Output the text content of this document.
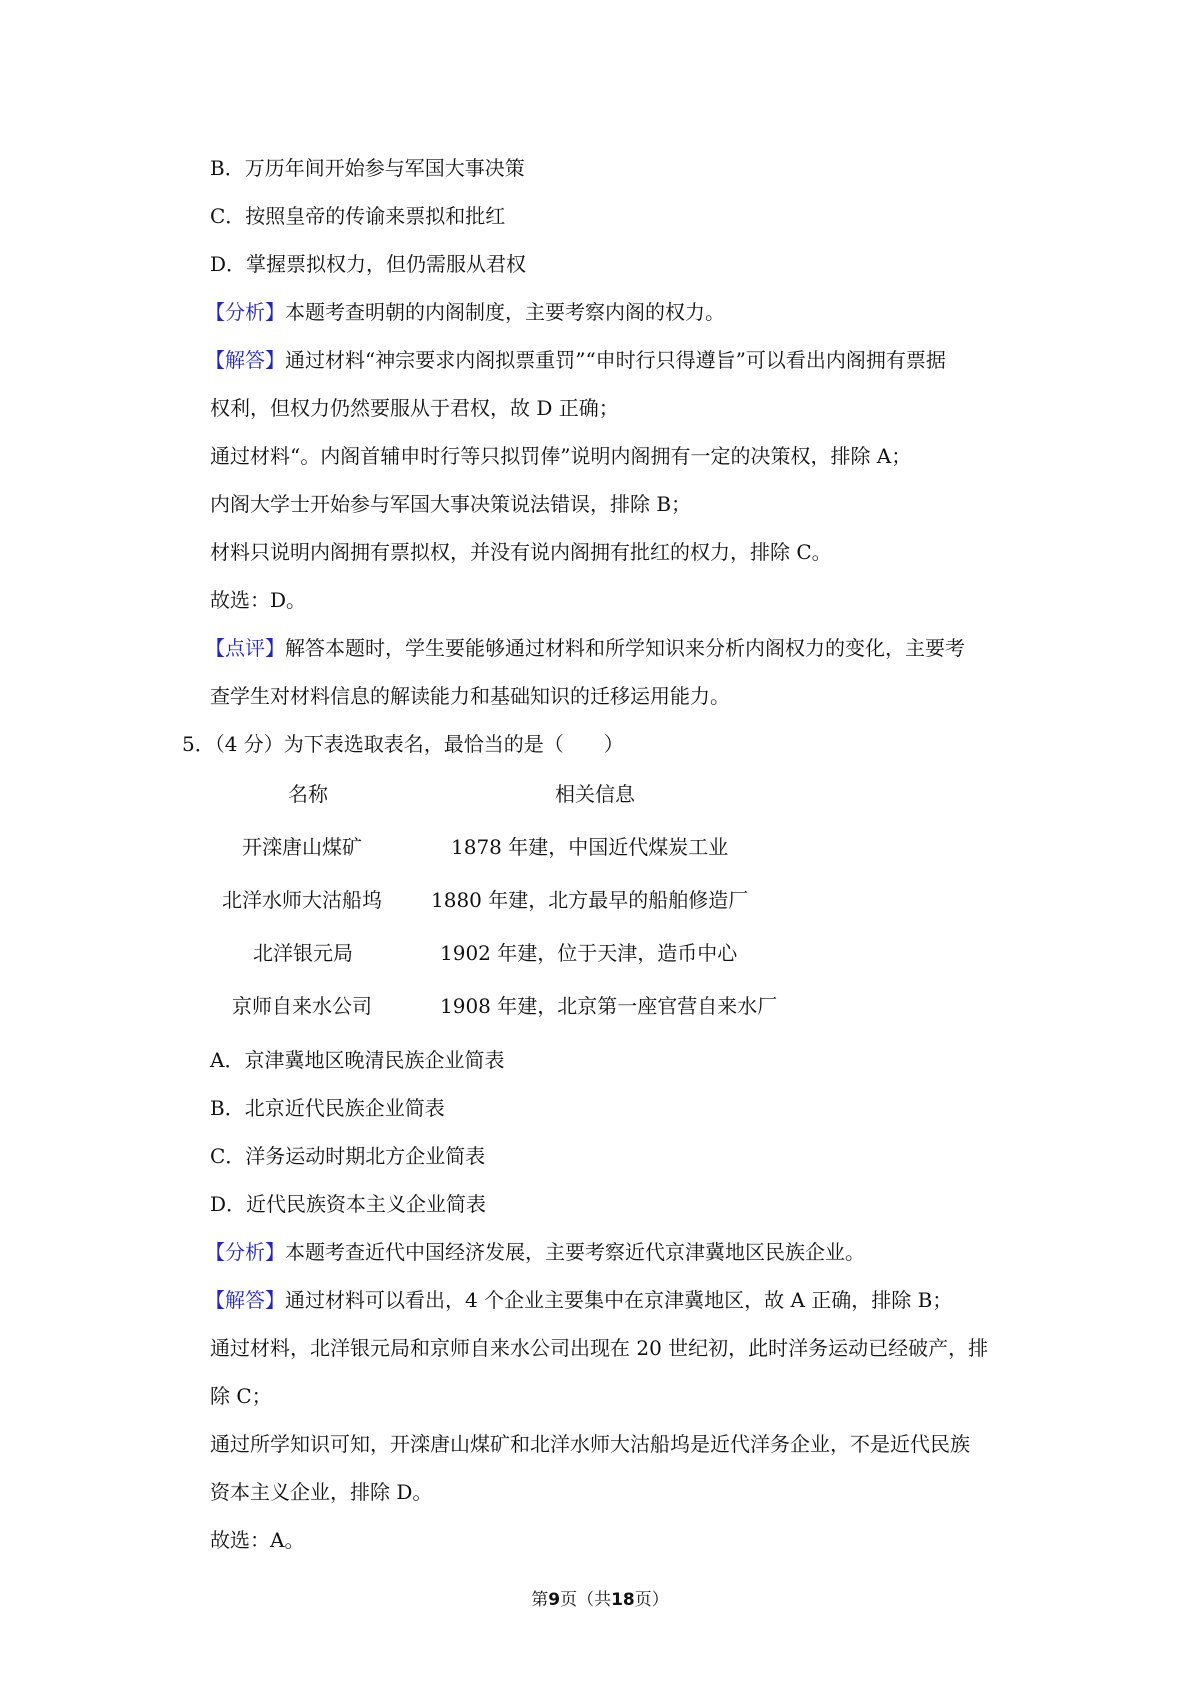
B．万历年间开始参与军国大事决策
C．按照皇帝的传谕来票拟和批红
D．掌握票拟权力，但仍需服从君权
【分析】本题考查明朝的内阁制度，主要考察内阁的权力。
【解答】通过材料“神宗要求内阁拟票重罚”“申时行只得遵旨”可以看出内阁拥有票据
权利，但权力仍然要服从于君权，故 D 正确；
通过材料“。内阁首辅申时行等只拟罚俸”说明内阁拥有一定的决策权，排除 A；
内阁大学士开始参与军国大事决策说法错误，排除 B；
材料只说明内阁拥有票拟权，并没有说内阁拥有批红的权力，排除 C。
故选：D。
【点评】解答本题时，学生要能够通过材料和所学知识来分析内阁权力的变化，主要考
查学生对材料信息的解读能力和基础知识的迁移运用能力。
5．（4 分）为下表选取表名，最恰当的是（　　）
名称	相关信息
开滦唐山煤矿	1878 年建，中国近代煤炭工业
北洋水师大沽船坞 1880 年建，北方最早的船舶修造厂
北洋银元局	1902 年建，位于天津，造币中心
京师自来水公司	1908 年建，北京第一座官营自来水厂
A．京津冀地区晚清民族企业简表
B．北京近代民族企业简表
C．洋务运动时期北方企业简表
D．近代民族资本主义企业简表
【分析】本题考查近代中国经济发展，主要考察近代京津冀地区民族企业。
【解答】通过材料可以看出，4 个企业主要集中在京津冀地区，故 A 正确，排除 B；
通过材料，北洋银元局和京师自来水公司出现在 20 世纪初，此时洋务运动已经破产，排
除 C；
通过所学知识可知，开滦唐山煤矿和北洋水师大沽船坞是近代洋务企业，不是近代民族
资本主义企业，排除 D。
故选：A。
第9页（共18页）
